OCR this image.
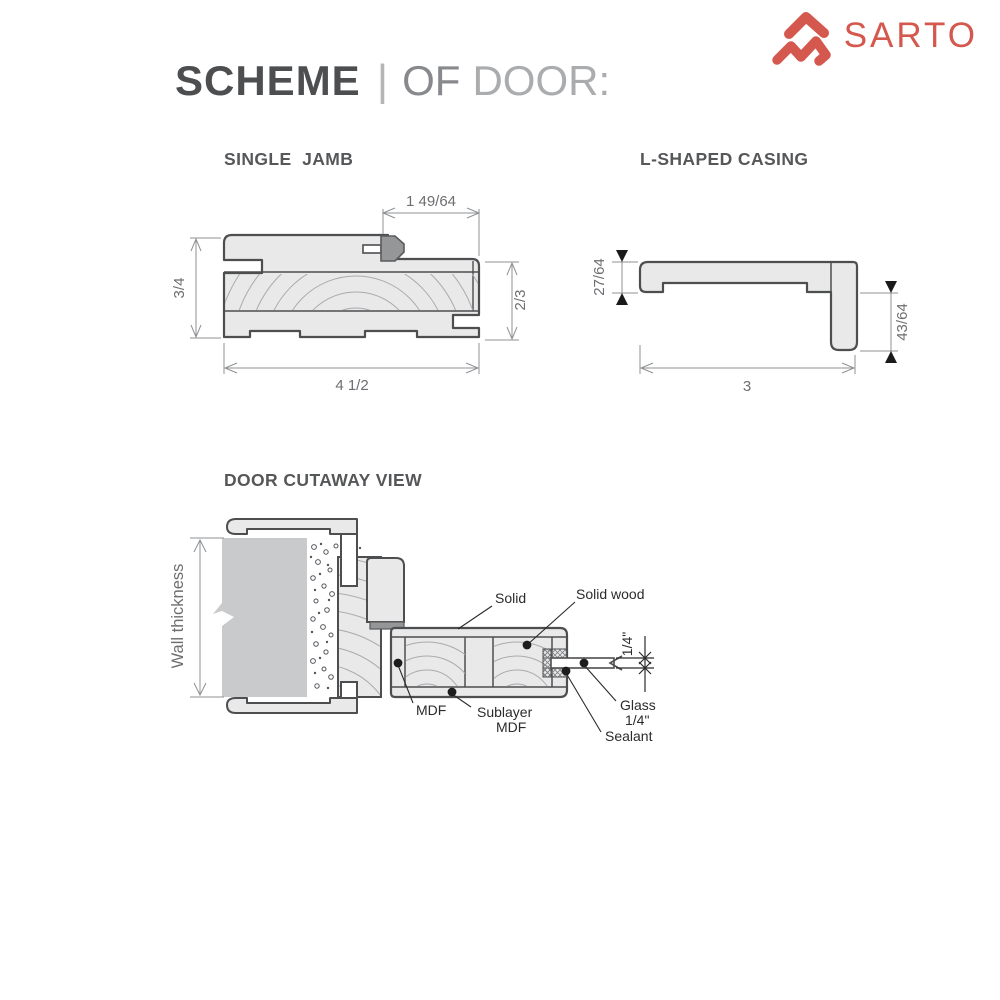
SARTO
SCHEME | OF DOOR:
SINGLE  JAMB	L-SHAPED CASING
DOOR CUTAWAY VIEW
1 49/64
3/4
2/3
4 1/2
27/64
43/64
3
1/4"
Wall thickness	Solid	Solid wood
MDF Sublayer
MDF
Glass
1/4"
Sealant
